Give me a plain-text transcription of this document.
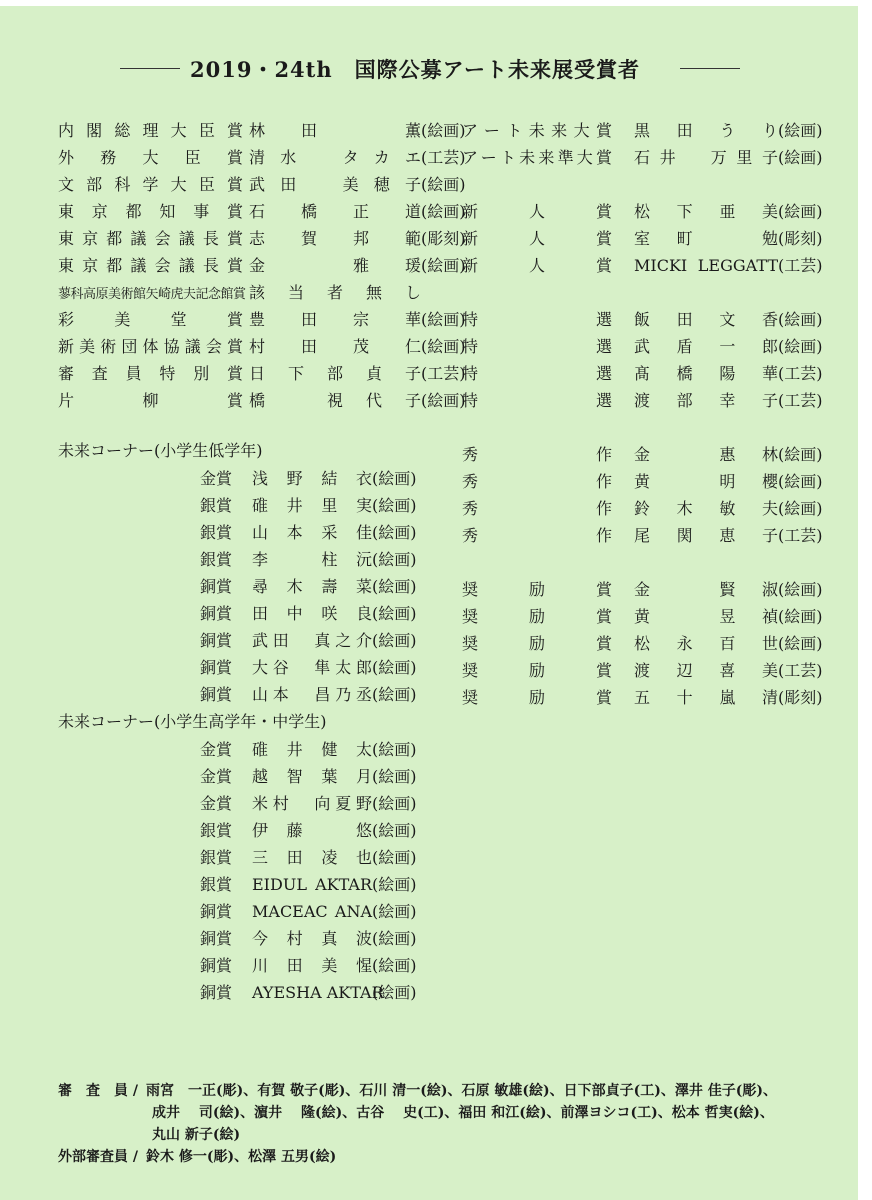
2019・24th　国際公募アート未来展受賞者
内閣総理大臣賞 林田　薫(絵画)
外務大臣賞 清水　タカエ(工芸)
文部科学大臣賞 武田　美穂子(絵画)
東京都知事賞 石橋正道(絵画)
東京都議会議長賞 志賀邦範(彫刻)
東京都議会議長賞 金　雅瑗(絵画)
蓼科高原美術館矢崎虎夫記念館賞 該当者無し
彩美堂賞 豊田宗華(絵画)
新美術団体協議会賞 村田茂仁(絵画)
審査員特別賞 日下部貞子(工芸)
片柳賞 橋　視代子(絵画)
アート未来大賞 黒田うり(絵画)
アート未来準大賞 石井　万里子(絵画)
新人賞 松下亜美(絵画)
新人賞 室町　勉(彫刻)
新人賞 MICKI LEGGATT(工芸)
特選 飯田文香(絵画)
特選 武盾一郎(絵画)
特選 髙橋陽華(工芸)
特選 渡部幸子(工芸)
秀作 金　惠林(絵画)
秀作 黄　明櫻(絵画)
秀作 鈴木敏夫(絵画)
秀作 尾関恵子(工芸)
奨励賞 金　賢淑(絵画)
奨励賞 黄　昱禎(絵画)
奨励賞 松永百世(絵画)
奨励賞 渡辺喜美(工芸)
奨励賞 五十嵐清(彫刻)
未来コーナー(小学生低学年)
金賞 浅野結衣(絵画)
銀賞 碓井里実(絵画)
銀賞 山本采佳(絵画)
銀賞 李　柱沅(絵画)
銅賞 尋木壽菜(絵画)
銅賞 田中咲良(絵画)
銅賞 武田　真之介(絵画)
銅賞 大谷　隼太郎(絵画)
銅賞 山本　昌乃丞(絵画)
未来コーナー(小学生高学年・中学生)
金賞 碓井健太(絵画)
金賞 越智葉月(絵画)
金賞 米村　向夏野(絵画)
銀賞 伊藤　悠(絵画)
銀賞 三田凌也(絵画)
銀賞 EIDUL AKTAR(絵画)
銅賞 MACEAC ANA(絵画)
銅賞 今村真波(絵画)
銅賞 川田美惺(絵画)
銅賞 AYESHA AKTAR(絵画)
審　査　員 / 雨宮　一正(彫)、有賀 敬子(彫)、石川 清一(絵)、石原 敏雄(絵)、日下部貞子(工)、澤井 佳子(彫)、
成井　 司(絵)、濵井　 隆(絵)、古谷　 史(工)、福田 和江(絵)、前澤ヨシコ(工)、松本 哲実(絵)、
丸山 新子(絵)
外部審査員 / 鈴木 修一(彫)、松澤 五男(絵)
